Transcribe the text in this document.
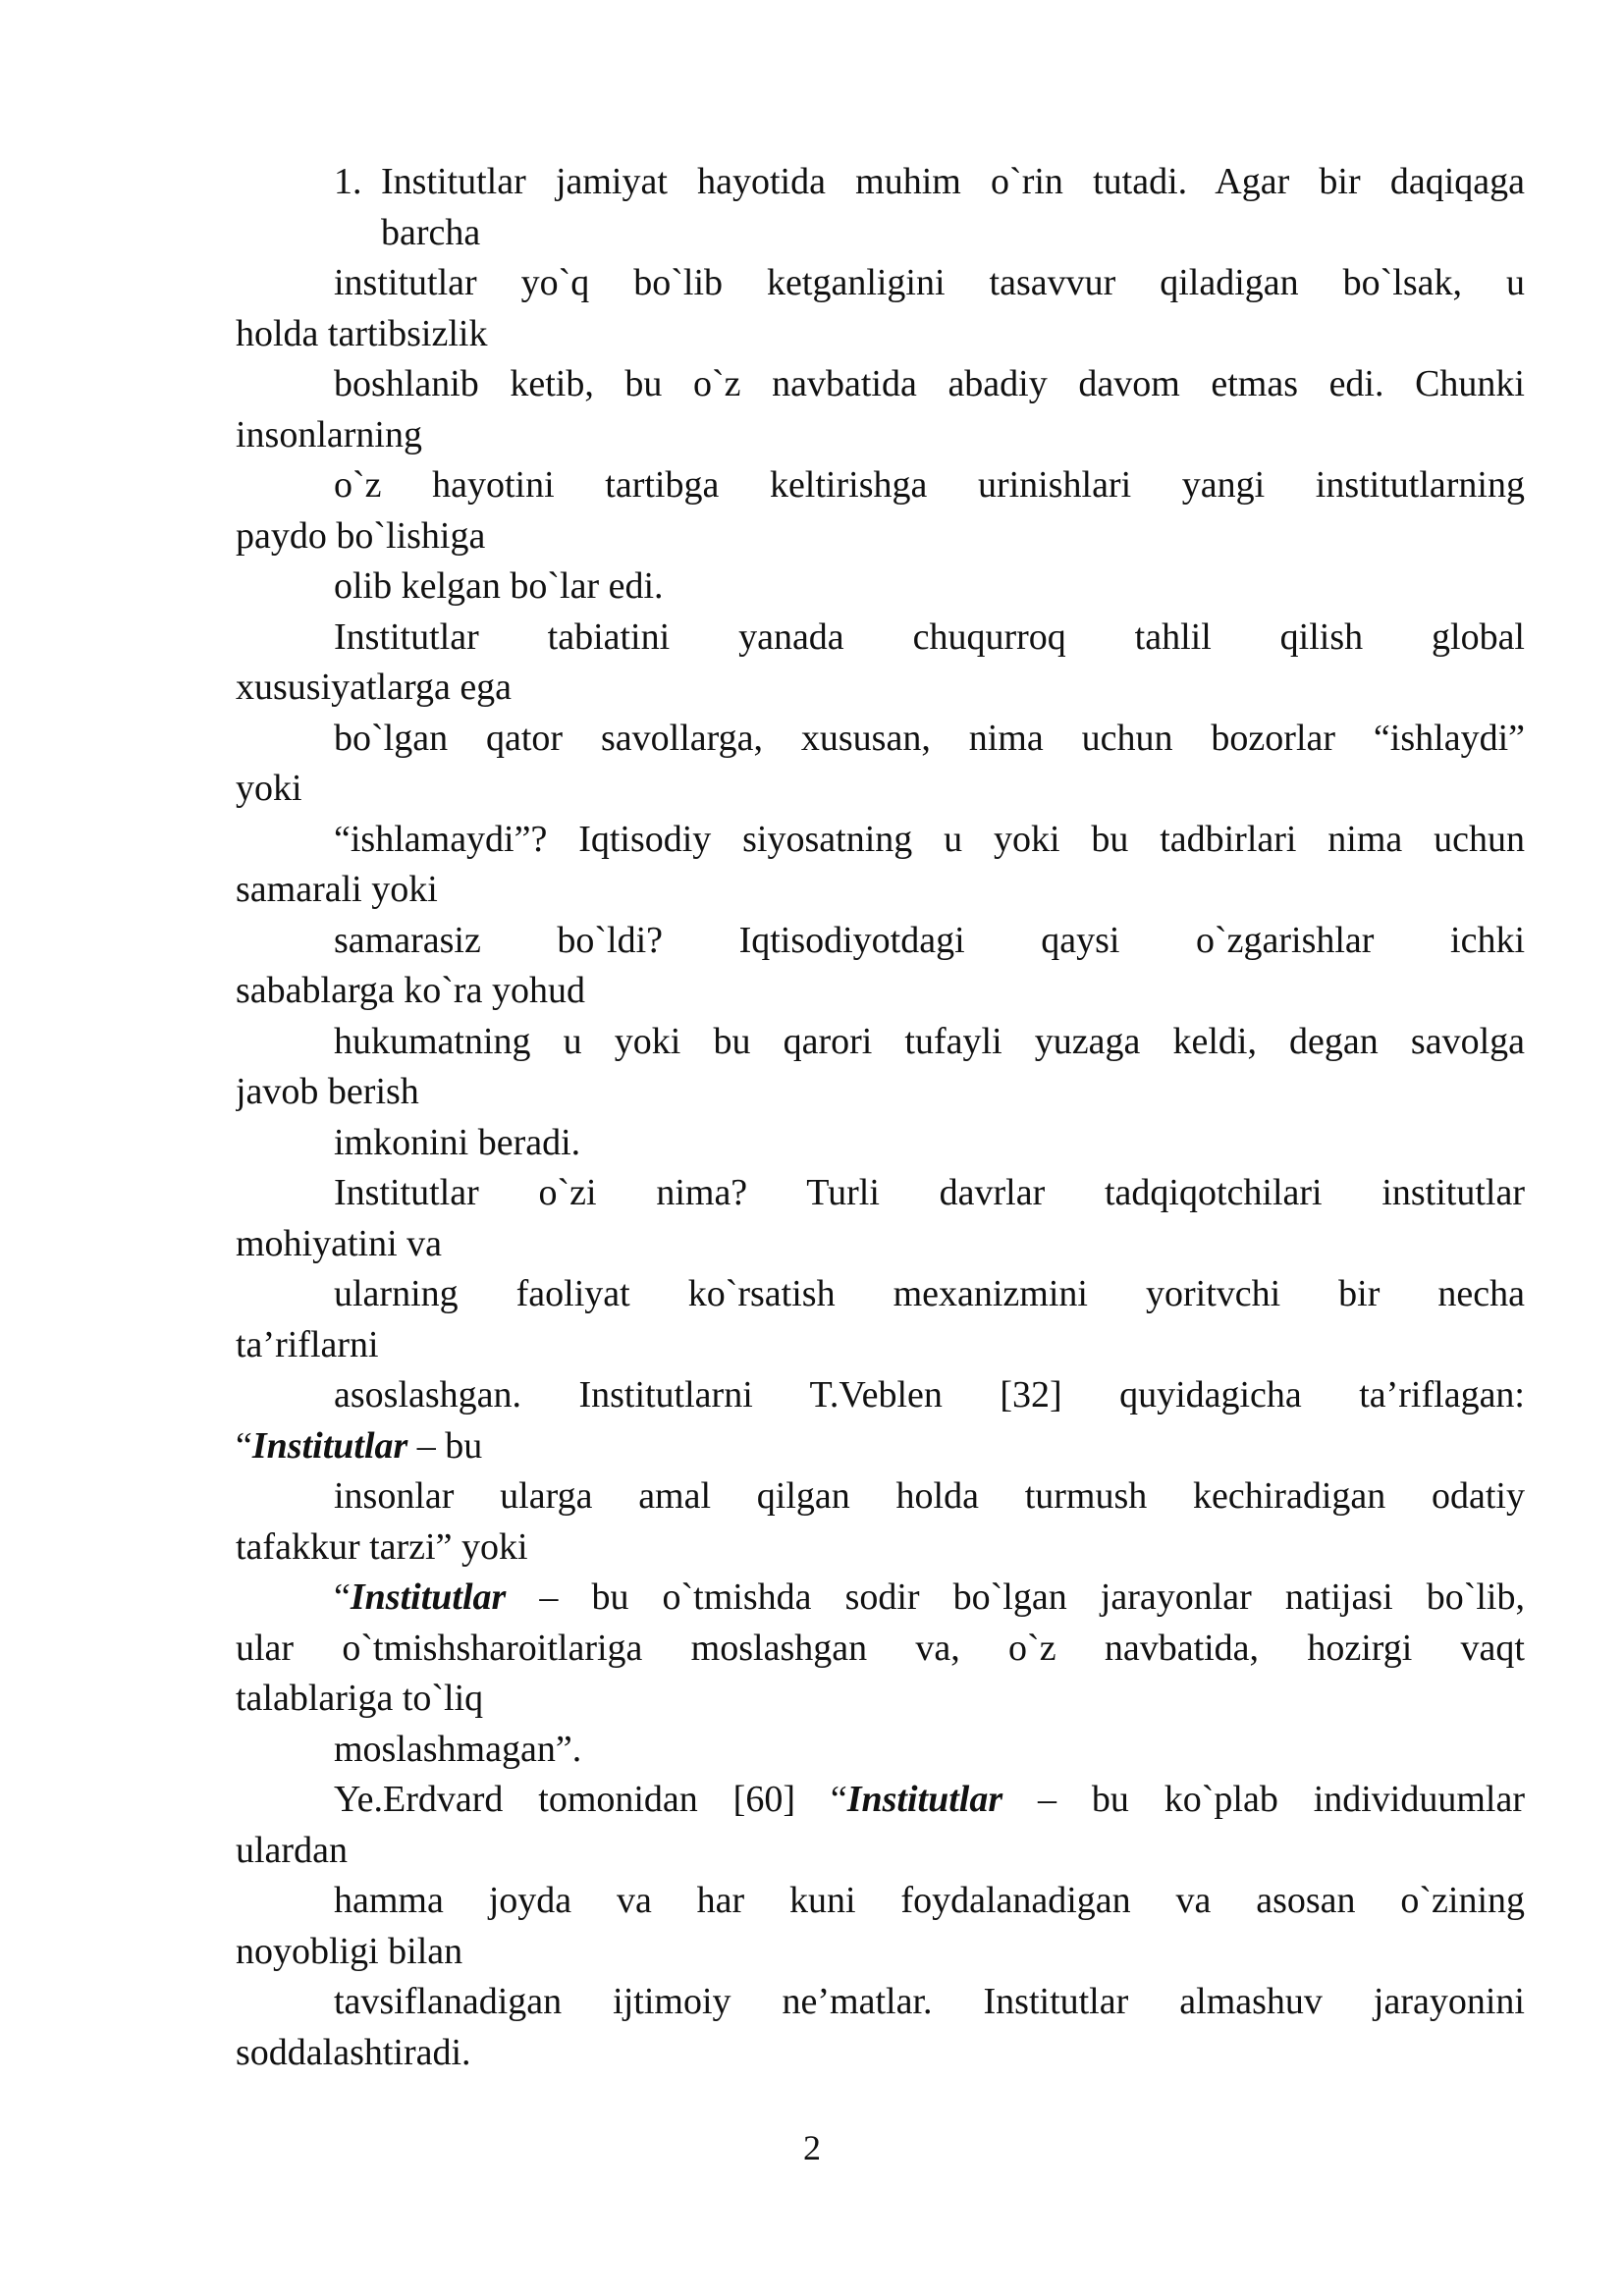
1. Institutlar jamiyat hayotida muhim o`rin tutadi. Agar bir daqiqaga
barcha
institutlar yo`q bo`lib ketganligini tasavvur qiladigan bo`lsak, u
holda tartibsizlik
boshlanib ketib, bu o`z navbatida abadiy davom etmas edi. Chunki
insonlarning
o`z hayotini tartibga keltirishga urinishlari yangi institutlarning
paydo bo`lishiga
olib kelgan bo`lar edi.
Institutlar tabiatini yanada chuqurroq tahlil qilish global
xususiyatlarga ega
bo`lgan qator savollarga, xususan, nima uchun bozorlar “ishlaydi”
yoki
“ishlamaydi”? Iqtisodiy siyosatning u yoki bu tadbirlari nima uchun
samarali yoki
samarasiz bo`ldi? Iqtisodiyotdagi qaysi o`zgarishlar ichki
sabablarga ko`ra yohud
hukumatning u yoki bu qarori tufayli yuzaga keldi, degan savolga
javob berish
imkonini beradi.
Institutlar o`zi nima? Turli davrlar tadqiqotchilari institutlar
mohiyatini va
ularning faoliyat ko`rsatish mexanizmini yoritvchi bir necha
ta’riflarni
asoslashgan. Institutlarni T.Veblen [32] quyidagicha ta’riflagan:
“Institutlar – bu
insonlar ularga amal qilgan holda turmush kechiradigan odatiy
tafakkur tarzi” yoki
“Institutlar – bu o`tmishda sodir bo`lgan jarayonlar natijasi bo`lib,
ular o`tmishsharoitlariga moslashgan va, o`z navbatida, hozirgi vaqt
talablariga to`liq
moslashmagan”.
Ye.Erdvard tomonidan [60] “Institutlar – bu ko`plab individuumlar
ulardan
hamma joyda va har kuni foydalanadigan va asosan o`zining
noyobligi bilan
tavsiflanadigan ijtimoiy ne’matlar. Institutlar almashuv jarayonini
soddalashtiradi.
2
